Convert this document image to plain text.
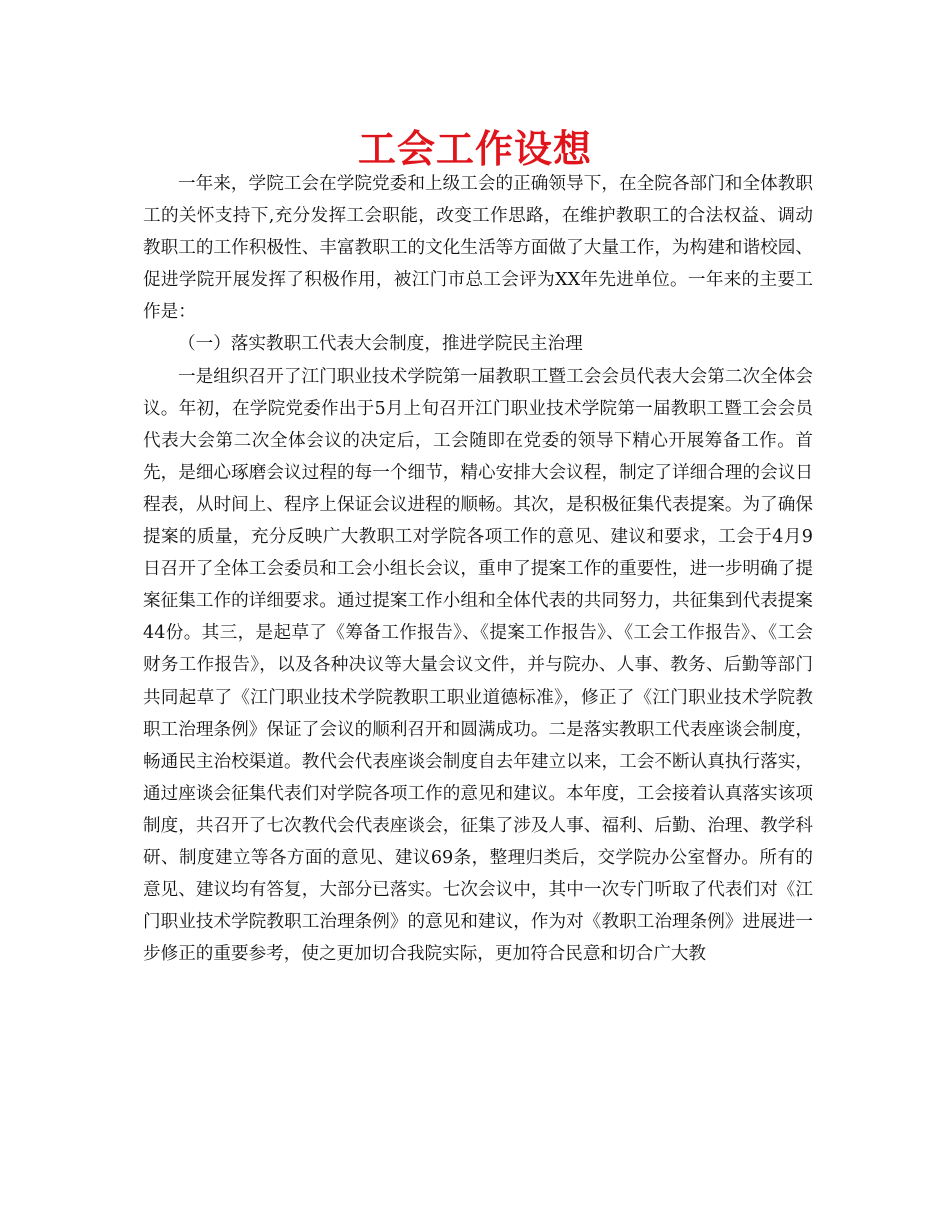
工会工作设想

一年来，学院工会在学院党委和上级工会的正确领导下，在全院各部门和全体教职工的关怀支持下,充分发挥工会职能，改变工作思路，在维护教职工的合法权益、调动教职工的工作积极性、丰富教职工的文化生活等方面做了大量工作，为构建和谐校园、促进学院开展发挥了积极作用，被江门市总工会评为XX年先进单位。一年来的主要工作是：

（一）落实教职工代表大会制度，推进学院民主治理

一是组织召开了江门职业技术学院第一届教职工暨工会会员代表大会第二次全体会议。年初，在学院党委作出于5月上旬召开江门职业技术学院第一届教职工暨工会会员代表大会第二次全体会议的决定后，工会随即在党委的领导下精心开展筹备工作。首先，是细心琢磨会议过程的每一个细节，精心安排大会议程，制定了详细合理的会议日程表，从时间上、程序上保证会议进程的顺畅。其次，是积极征集代表提案。为了确保提案的质量，充分反映广大教职工对学院各项工作的意见、建议和要求，工会于4月9日召开了全体工会委员和工会小组长会议，重申了提案工作的重要性，进一步明确了提案征集工作的详细要求。通过提案工作小组和全体代表的共同努力，共征集到代表提案44份。其三，是起草了《筹备工作报告》、《提案工作报告》、《工会工作报告》、《工会财务工作报告》，以及各种决议等大量会议文件，并与院办、人事、教务、后勤等部门共同起草了《江门职业技术学院教职工职业道德标准》，修正了《江门职业技术学院教职工治理条例》保证了会议的顺利召开和圆满成功。二是落实教职工代表座谈会制度，畅通民主治校渠道。教代会代表座谈会制度自去年建立以来，工会不断认真执行落实，通过座谈会征集代表们对学院各项工作的意见和建议。本年度，工会接着认真落实该项制度，共召开了七次教代会代表座谈会，征集了涉及人事、福利、后勤、治理、教学科研、制度建立等各方面的意见、建议69条，整理归类后，交学院办公室督办。所有的意见、建议均有答复，大部分已落实。七次会议中，其中一次专门听取了代表们对《江门职业技术学院教职工治理条例》的意见和建议，作为对《教职工治理条例》进展进一步修正的重要参考，使之更加切合我院实际，更加符合民意和切合广大教
